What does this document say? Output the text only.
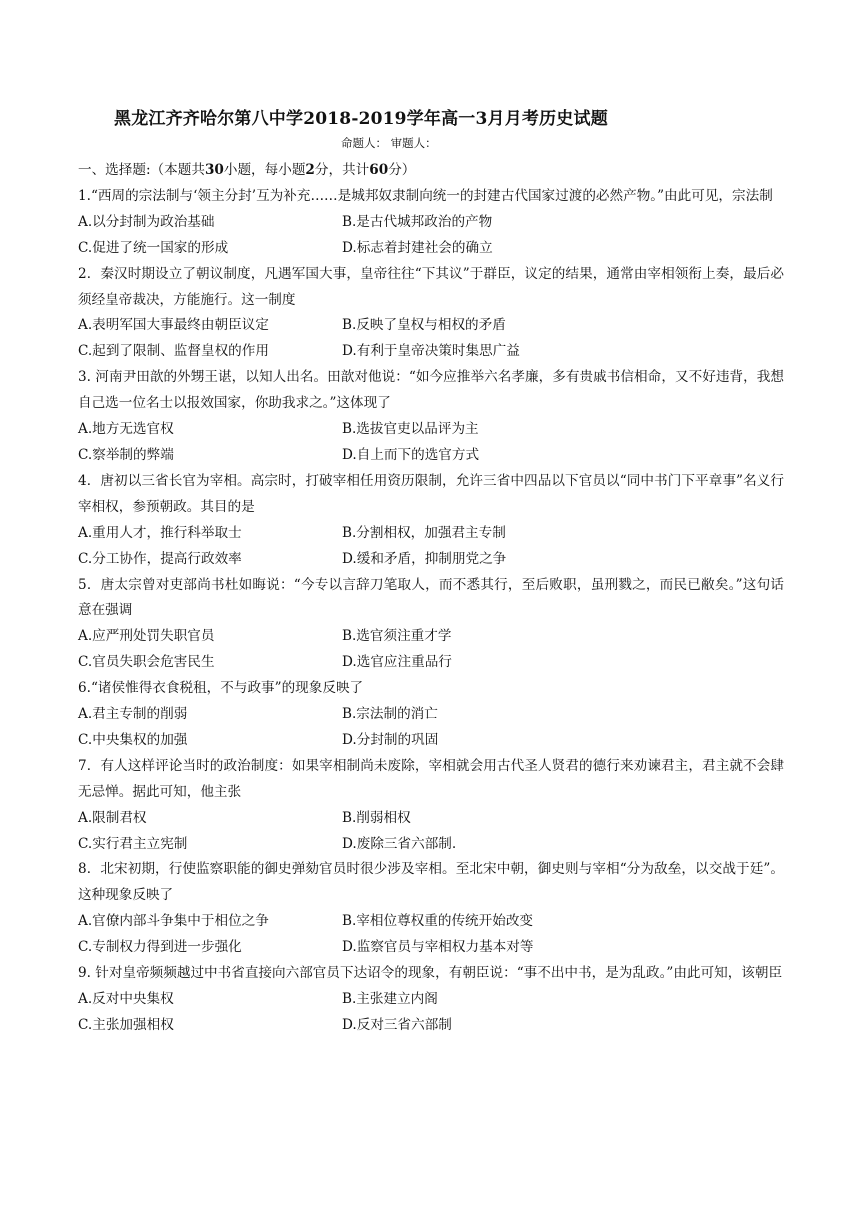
黑龙江齐齐哈尔第八中学2018-2019学年高一3月月考历史试题
命题人： 审题人：
一、选择题:（本题共30小题，每小题2分，共计60分）
1.“西周的宗法制与‘领主分封’互为补充……是城邦奴隶制向统一的封建古代国家过渡的必然产物。”由此可见，宗法制
A.以分封制为政治基础	B.是古代城邦政治的产物
C.促进了统一国家的形成	D.标志着封建社会的确立
2．秦汉时期设立了朝议制度，凡遇军国大事，皇帝往往“下其议”于群臣，议定的结果，通常由宰相领衔上奏，最后必须经皇帝裁决，方能施行。这一制度
A.表明军国大事最终由朝臣议定	B.反映了皇权与相权的矛盾
C.起到了限制、监督皇权的作用	D.有利于皇帝决策时集思广益
3. 河南尹田歆的外甥王谌，以知人出名。田歆对他说：“如今应推举六名孝廉，多有贵戚书信相命，又不好违背，我想自己选一位名士以报效国家，你助我求之。”这体现了
A.地方无选官权	B.选拔官吏以品评为主
C.察举制的弊端	D.自上而下的选官方式
4．唐初以三省长官为宰相。高宗时，打破宰相任用资历限制，允许三省中四品以下官员以“同中书门下平章事”名义行宰相权，参预朝政。其目的是
A.重用人才，推行科举取士	B.分割相权，加强君主专制
C.分工协作，提高行政效率	D.缓和矛盾，抑制朋党之争
5．唐太宗曾对吏部尚书杜如晦说：“今专以言辞刀笔取人，而不悉其行，至后败职，虽刑戮之，而民已敝矣。”这句话意在强调
A.应严刑处罚失职官员	B.选官须注重才学
C.官员失职会危害民生	D.选官应注重品行
6.“诸侯惟得衣食税租，不与政事”的现象反映了
A.君主专制的削弱	B.宗法制的消亡
C.中央集权的加强	D.分封制的巩固
7．有人这样评论当时的政治制度：如果宰相制尚未废除，宰相就会用古代圣人贤君的德行来劝谏君主，君主就不会肆无忌惮。据此可知，他主张
A.限制君权	B.削弱相权
C.实行君主立宪制	D.废除三省六部制.
8．北宋初期，行使监察职能的御史弹劾官员时很少涉及宰相。至北宋中朝，御史则与宰相“分为敌垒，以交战于廷”。这种现象反映了
A.官僚内部斗争集中于相位之争	B.宰相位尊权重的传统开始改变
C.专制权力得到进一步强化	D.监察官员与宰相权力基本对等
9. 针对皇帝频频越过中书省直接向六部官员下达诏令的现象，有朝臣说：“事不出中书，是为乱政。”由此可知，该朝臣
A.反对中央集权	B.主张建立内阁
C.主张加强相权	D.反对三省六部制
